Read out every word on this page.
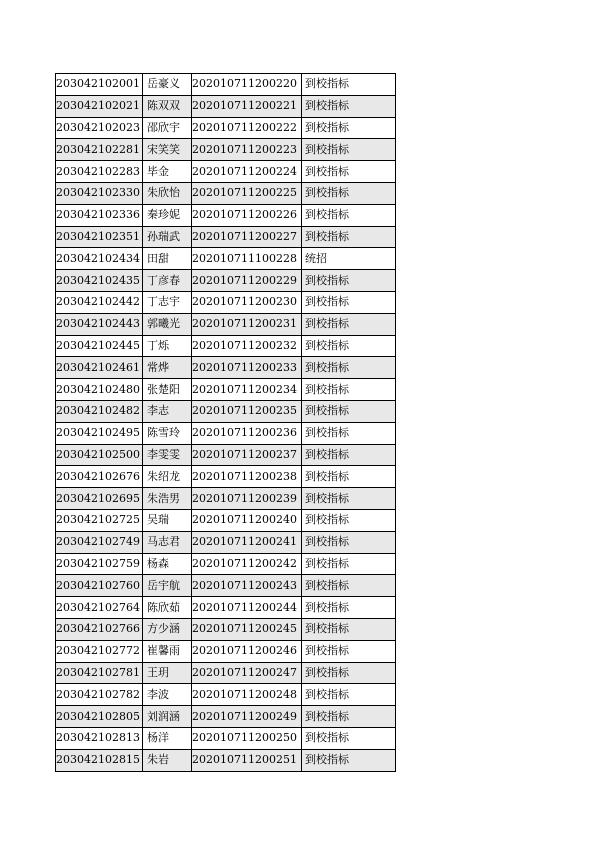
203042102001	岳豪义	202010711200220	到校指标
203042102021	陈双双	202010711200221	到校指标
203042102023	邵欣宇	202010711200222	到校指标
203042102281	宋笑笑	202010711200223	到校指标
203042102283	毕金	202010711200224	到校指标
203042102330	朱欣怡	202010711200225	到校指标
203042102336	秦珍妮	202010711200226	到校指标
203042102351	孙瑞武	202010711200227	到校指标
203042102434	田甜	202010711100228	统招
203042102435	丁彦春	202010711200229	到校指标
203042102442	丁志宇	202010711200230	到校指标
203042102443	郭曦光	202010711200231	到校指标
203042102445	丁烁	202010711200232	到校指标
203042102461	常烨	202010711200233	到校指标
203042102480	张楚阳	202010711200234	到校指标
203042102482	李志	202010711200235	到校指标
203042102495	陈雪玲	202010711200236	到校指标
203042102500	李雯雯	202010711200237	到校指标
203042102676	朱绍龙	202010711200238	到校指标
203042102695	朱浩男	202010711200239	到校指标
203042102725	吴瑞	202010711200240	到校指标
203042102749	马志君	202010711200241	到校指标
203042102759	杨森	202010711200242	到校指标
203042102760	岳宇航	202010711200243	到校指标
203042102764	陈欣茹	202010711200244	到校指标
203042102766	方少涵	202010711200245	到校指标
203042102772	崔馨雨	202010711200246	到校指标
203042102781	王玥	202010711200247	到校指标
203042102782	李波	202010711200248	到校指标
203042102805	刘润涵	202010711200249	到校指标
203042102813	杨洋	202010711200250	到校指标
203042102815	朱岩	202010711200251	到校指标
